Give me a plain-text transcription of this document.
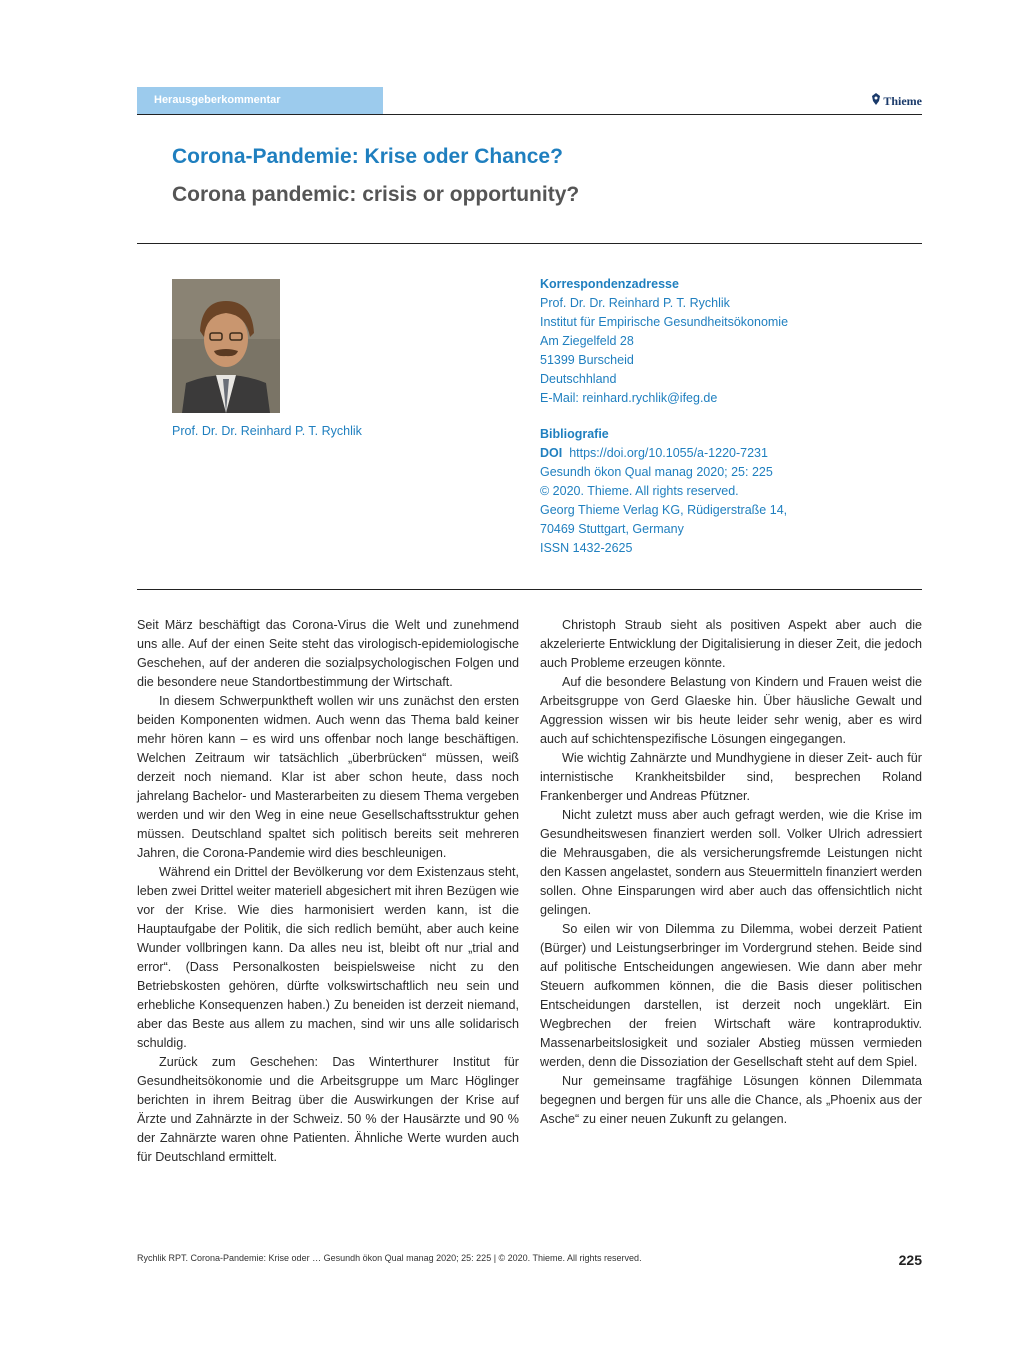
Herausgeberkommentar	Thieme
Corona-Pandemie: Krise oder Chance?
Corona pandemic: crisis or opportunity?
Prof. Dr. Dr. Reinhard P. T. Rychlik
Korrespondenzadresse
Prof. Dr. Dr. Reinhard P. T. Rychlik
Institut für Empirische Gesundheitsökonomie
Am Ziegelfeld 28
51399 Burscheid
Deutschhland
E-Mail: reinhard.rychlik@ifeg.de
Bibliografie
DOI https://doi.org/10.1055/a-1220-7231
Gesundh ökon Qual manag 2020; 25: 225
© 2020. Thieme. All rights reserved.
Georg Thieme Verlag KG, Rüdigerstraße 14,
70469 Stuttgart, Germany
ISSN 1432-2625

Seit März beschäftigt das Corona-Virus die Welt und zunehmend uns alle. Auf der einen Seite steht das virologisch-epidemiologische Geschehen, auf der anderen die sozialpsychologischen Folgen und die besondere neue Standortbestimmung der Wirtschaft.

In diesem Schwerpunktheft wollen wir uns zunächst den ersten beiden Komponenten widmen. Auch wenn das Thema bald keiner mehr hören kann – es wird uns offenbar noch lange beschäftigen. Welchen Zeitraum wir tatsächlich „überbrücken“ müssen, weiß derzeit noch niemand. Klar ist aber schon heute, dass noch jahrelang Bachelor- und Masterarbeiten zu diesem Thema vergeben werden und wir den Weg in eine neue Gesellschaftsstruktur gehen müssen. Deutschland spaltet sich politisch bereits seit mehreren Jahren, die Corona-Pandemie wird dies beschleunigen.

Während ein Drittel der Bevölkerung vor dem Existenzaus steht, leben zwei Drittel weiter materiell abgesichert mit ihren Bezügen wie vor der Krise. Wie dies harmonisiert werden kann, ist die Hauptaufgabe der Politik, die sich redlich bemüht, aber auch keine Wunder vollbringen kann. Da alles neu ist, bleibt oft nur „trial and error“. (Dass Personalkosten beispielsweise nicht zu den Betriebskosten gehören, dürfte volkswirtschaftlich neu sein und erhebliche Konsequenzen haben.) Zu beneiden ist derzeit niemand, aber das Beste aus allem zu machen, sind wir uns alle solidarisch schuldig.

Zurück zum Geschehen: Das Winterthurer Institut für Gesundheitsökonomie und die Arbeitsgruppe um Marc Höglinger berichten in ihrem Beitrag über die Auswirkungen der Krise auf Ärzte und Zahnärzte in der Schweiz. 50 % der Hausärzte und 90 % der Zahnärzte waren ohne Patienten. Ähnliche Werte wurden auch für Deutschland ermittelt.

Christoph Straub sieht als positiven Aspekt aber auch die akzelerierte Entwicklung der Digitalisierung in dieser Zeit, die jedoch auch Probleme erzeugen könnte.

Auf die besondere Belastung von Kindern und Frauen weist die Arbeitsgruppe von Gerd Glaeske hin. Über häusliche Gewalt und Aggression wissen wir bis heute leider sehr wenig, aber es wird auch auf schichtenspezifische Lösungen eingegangen.

Wie wichtig Zahnärzte und Mundhygiene in dieser Zeit- auch für internistische Krankheitsbilder sind, besprechen Roland Frankenberger und Andreas Pfützner.

Nicht zuletzt muss aber auch gefragt werden, wie die Krise im Gesundheitswesen finanziert werden soll. Volker Ulrich adressiert die Mehrausgaben, die als versicherungsfremde Leistungen nicht den Kassen angelastet, sondern aus Steuermitteln finanziert werden sollen. Ohne Einsparungen wird aber auch das offensichtlich nicht gelingen.

So eilen wir von Dilemma zu Dilemma, wobei derzeit Patient (Bürger) und Leistungserbringer im Vordergrund stehen. Beide sind auf politische Entscheidungen angewiesen. Wie dann aber mehr Steuern aufkommen können, die die Basis dieser politischen Entscheidungen darstellen, ist derzeit noch ungeklärt. Ein Wegbrechen der freien Wirtschaft wäre kontraproduktiv. Massenarbeitslosigkeit und sozialer Abstieg müssen vermieden werden, denn die Dissoziation der Gesellschaft steht auf dem Spiel.

Nur gemeinsame tragfähige Lösungen können Dilemmata begegnen und bergen für uns alle die Chance, als „Phoenix aus der Asche“ zu einer neuen Zukunft zu gelangen.

Rychlik RPT. Corona-Pandemie: Krise oder … Gesundh ökon Qual manag 2020; 25: 225 | © 2020. Thieme. All rights reserved.	225
